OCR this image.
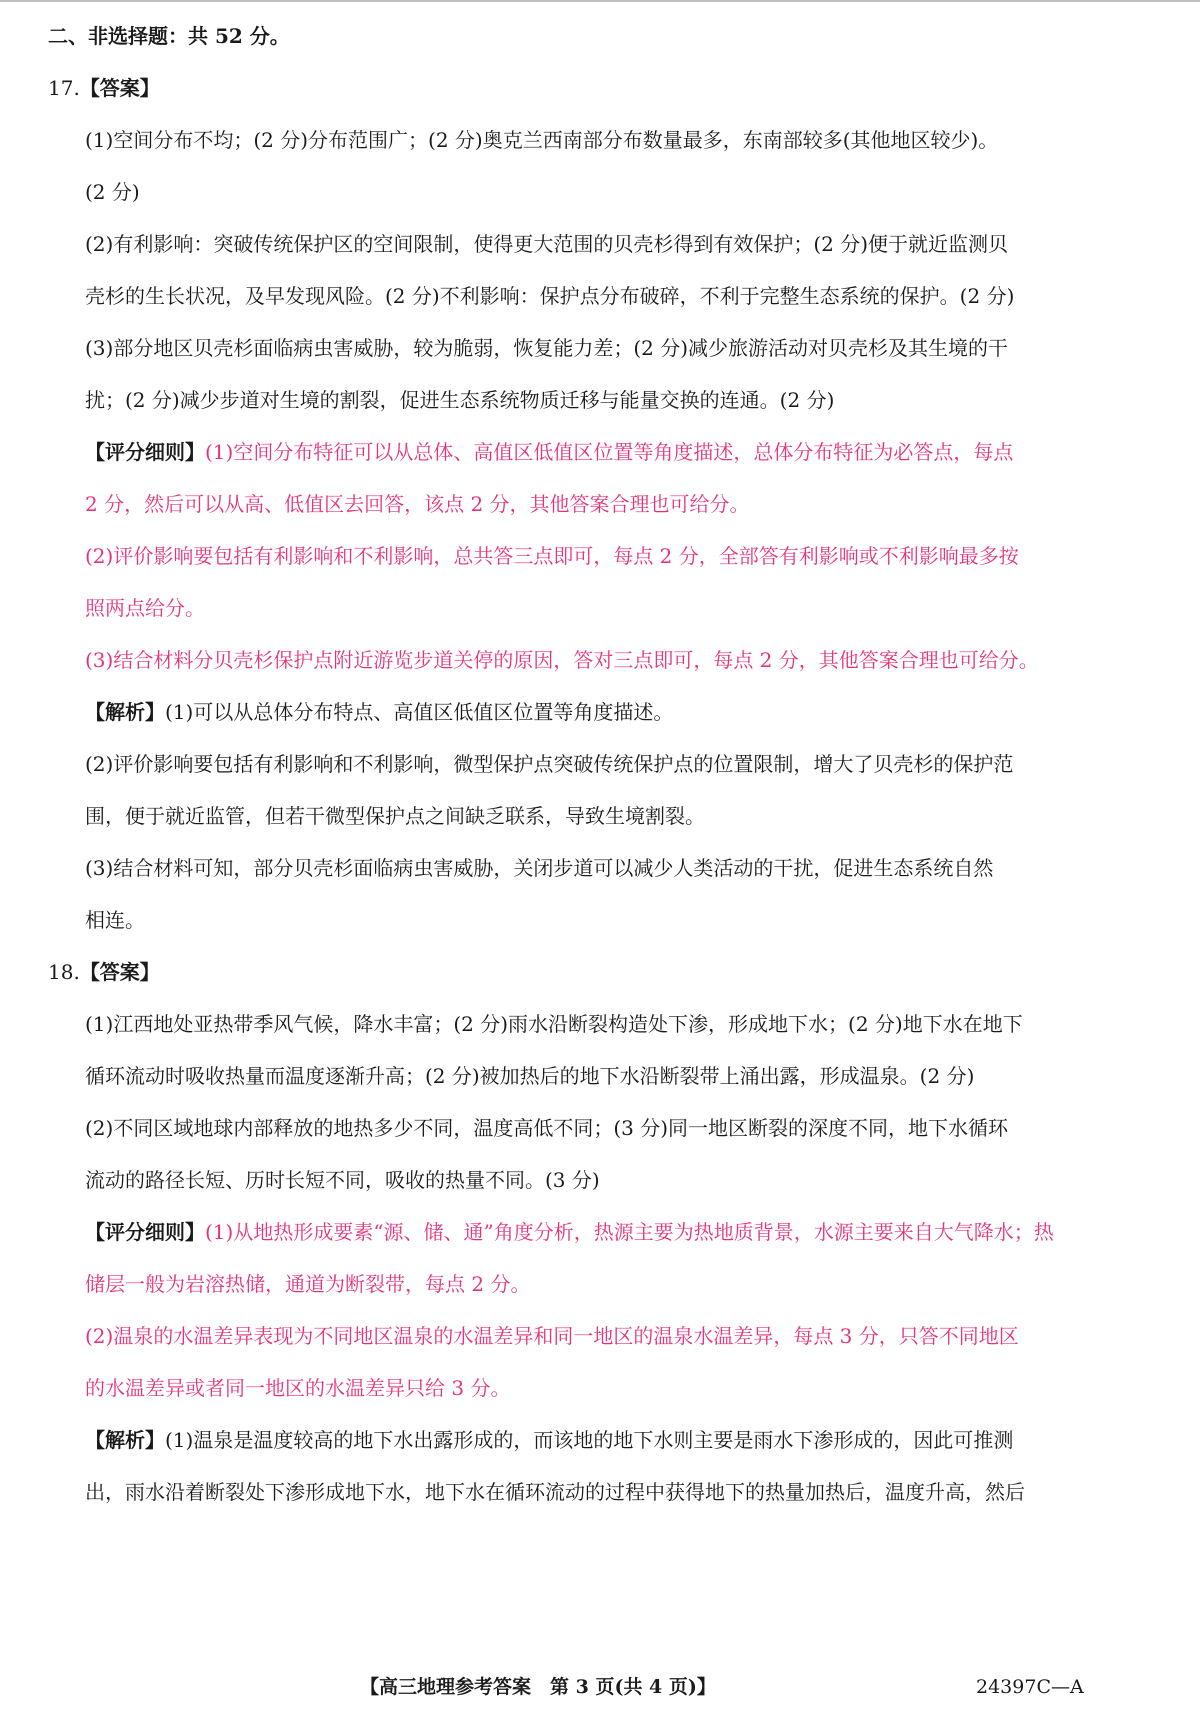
二、非选择题：共 52 分。
17.【答案】
(1)空间分布不均；(2 分)分布范围广；(2 分)奥克兰西南部分布数量最多，东南部较多(其他地区较少)。
(2 分)
(2)有利影响：突破传统保护区的空间限制，使得更大范围的贝壳杉得到有效保护；(2 分)便于就近监测贝
壳杉的生长状况，及早发现风险。(2 分)不利影响：保护点分布破碎，不利于完整生态系统的保护。(2 分)
(3)部分地区贝壳杉面临病虫害威胁，较为脆弱，恢复能力差；(2 分)减少旅游活动对贝壳杉及其生境的干
扰；(2 分)减少步道对生境的割裂，促进生态系统物质迁移与能量交换的连通。(2 分)
【评分细则】(1)空间分布特征可以从总体、高值区低值区位置等角度描述，总体分布特征为必答点，每点
2 分，然后可以从高、低值区去回答，该点 2 分，其他答案合理也可给分。
(2)评价影响要包括有利影响和不利影响，总共答三点即可，每点 2 分，全部答有利影响或不利影响最多按
照两点给分。
(3)结合材料分贝壳杉保护点附近游览步道关停的原因，答对三点即可，每点 2 分，其他答案合理也可给分。
【解析】(1)可以从总体分布特点、高值区低值区位置等角度描述。
(2)评价影响要包括有利影响和不利影响，微型保护点突破传统保护点的位置限制，增大了贝壳杉的保护范
围，便于就近监管，但若干微型保护点之间缺乏联系，导致生境割裂。
(3)结合材料可知，部分贝壳杉面临病虫害威胁，关闭步道可以减少人类活动的干扰，促进生态系统自然
相连。
18.【答案】
(1)江西地处亚热带季风气候，降水丰富；(2 分)雨水沿断裂构造处下渗，形成地下水；(2 分)地下水在地下
循环流动时吸收热量而温度逐渐升高；(2 分)被加热后的地下水沿断裂带上涌出露，形成温泉。(2 分)
(2)不同区域地球内部释放的地热多少不同，温度高低不同；(3 分)同一地区断裂的深度不同，地下水循环
流动的路径长短、历时长短不同，吸收的热量不同。(3 分)
【评分细则】(1)从地热形成要素“源、储、通”角度分析，热源主要为热地质背景，水源主要来自大气降水；热
储层一般为岩溶热储，通道为断裂带，每点 2 分。
(2)温泉的水温差异表现为不同地区温泉的水温差异和同一地区的温泉水温差异，每点 3 分，只答不同地区
的水温差异或者同一地区的水温差异只给 3 分。
【解析】(1)温泉是温度较高的地下水出露形成的，而该地的地下水则主要是雨水下渗形成的，因此可推测
出，雨水沿着断裂处下渗形成地下水，地下水在循环流动的过程中获得地下的热量加热后，温度升高，然后
【高三地理参考答案　第 3 页(共 4 页)】	24397C—A
